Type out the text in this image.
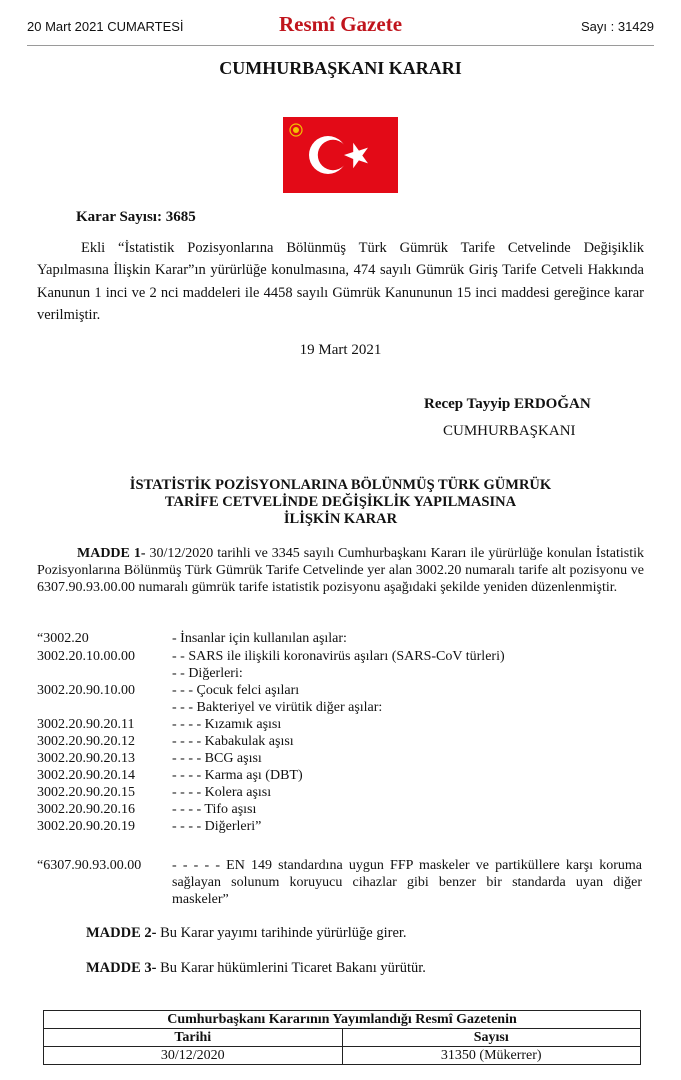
20 Mart 2021 CUMARTESİ	Resmî Gazete	Sayı : 31429
CUMHURBAŞKANI KARARI
Karar Sayısı: 3685
Ekli “İstatistik Pozisyonlarına Bölünmüş Türk Gümrük Tarife Cetvelinde Değişiklik Yapılmasına İlişkin Karar”ın yürürlüğe konulmasına, 474 sayılı Gümrük Giriş Tarife Cetveli Hakkında Kanunun 1 inci ve 2 nci maddeleri ile 4458 sayılı Gümrük Kanununun 15 inci maddesi gereğince karar verilmiştir.
19 Mart 2021
Recep Tayyip ERDOĞAN
CUMHURBAŞKANI
İSTATİSTİK POZİSYONLARINA BÖLÜNMÜŞ TÜRK GÜMRÜK
TARİFE CETVELİNDE DEĞİŞİKLİK YAPILMASINA
İLİŞKİN KARAR
MADDE 1- 30/12/2020 tarihli ve 3345 sayılı Cumhurbaşkanı Kararı ile yürürlüğe konulan İstatistik Pozisyonlarına Bölünmüş Türk Gümrük Tarife Cetvelinde yer alan 3002.20 numaralı tarife alt pozisyonu ve 6307.90.93.00.00 numaralı gümrük tarife istatistik pozisyonu aşağıdaki şekilde yeniden düzenlenmiştir.
“3002.20	- İnsanlar için kullanılan aşılar:
3002.20.10.00.00	- - SARS ile ilişkili koronavirüs aşıları (SARS-CoV türleri)
- - Diğerleri:
3002.20.90.10.00	- - - Çocuk felci aşıları
- - - Bakteriyel ve virütik diğer aşılar:
3002.20.90.20.11	- - - - Kızamık aşısı
3002.20.90.20.12	- - - - Kabakulak aşısı
3002.20.90.20.13	- - - - BCG aşısı
3002.20.90.20.14	- - - - Karma aşı (DBT)
3002.20.90.20.15	- - - - Kolera aşısı
3002.20.90.20.16	- - - - Tifo aşısı
3002.20.90.20.19	- - - - Diğerleri”
“6307.90.93.00.00 - - - - - EN 149 standardına uygun FFP maskeler ve partiküllere karşı koruma sağlayan solunum koruyucu cihazlar gibi benzer bir standarda uyan diğer maskeler”
MADDE 2- Bu Karar yayımı tarihinde yürürlüğe girer.
MADDE 3- Bu Karar hükümlerini Ticaret Bakanı yürütür.
Cumhurbaşkanı Kararının Yayımlandığı Resmî Gazetenin	
Tarihi	Sayısı
30/12/2020	31350 (Mükerrer)
